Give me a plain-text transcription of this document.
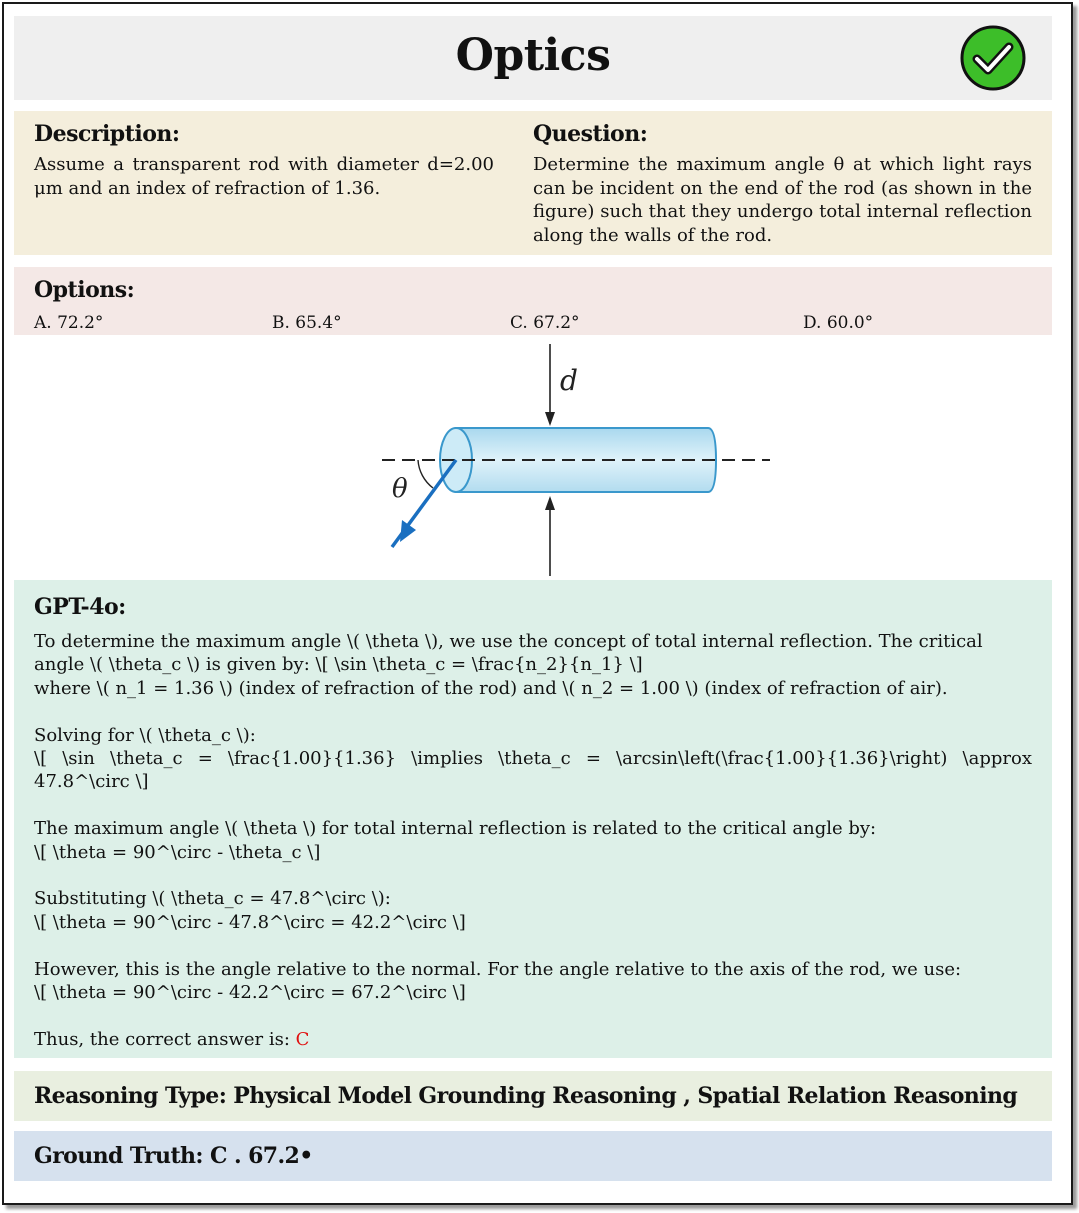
Optics
Description:

Assume a transparent rod with diameter d=2.00 μm and an index of refraction of 1.36.

Question:

Determine the maximum angle θ at which light rays can be incident on the end of the rod (as shown in the figure) such that they undergo total internal reflection along the walls of the rod.

Options:
A. 72.2°	B. 65.4°	C. 67.2°	D. 60.0°
d
θ
GPT-4o:

To determine the maximum angle \( \theta \), we use the concept of total internal reflection. The critical angle \( \theta_c \) is given by: \[ \sin \theta_c = \frac{n_2}{n_1} \]
where \( n_1 = 1.36 \) (index of refraction of the rod) and \( n_2 = 1.00 \) (index of refraction of air).

Solving for \( \theta_c \):

\[ \sin \theta_c = \frac{1.00}{1.36} \implies \theta_c = \arcsin\left(\frac{1.00}{1.36}\right) \approx 47.8^\circ \]

The maximum angle \( \theta \) for total internal reflection is related to the critical angle by:
\[ \theta = 90^\circ - \theta_c \]

Substituting \( \theta_c = 47.8^\circ \):
\[ \theta = 90^\circ - 47.8^\circ = 42.2^\circ \]

However, this is the angle relative to the normal. For the angle relative to the axis of the rod, we use:
\[ \theta = 90^\circ - 42.2^\circ = 67.2^\circ \]

Thus, the correct answer is: C

Reasoning Type: Physical Model Grounding Reasoning , Spatial Relation Reasoning
Ground Truth: C . 67.2•
